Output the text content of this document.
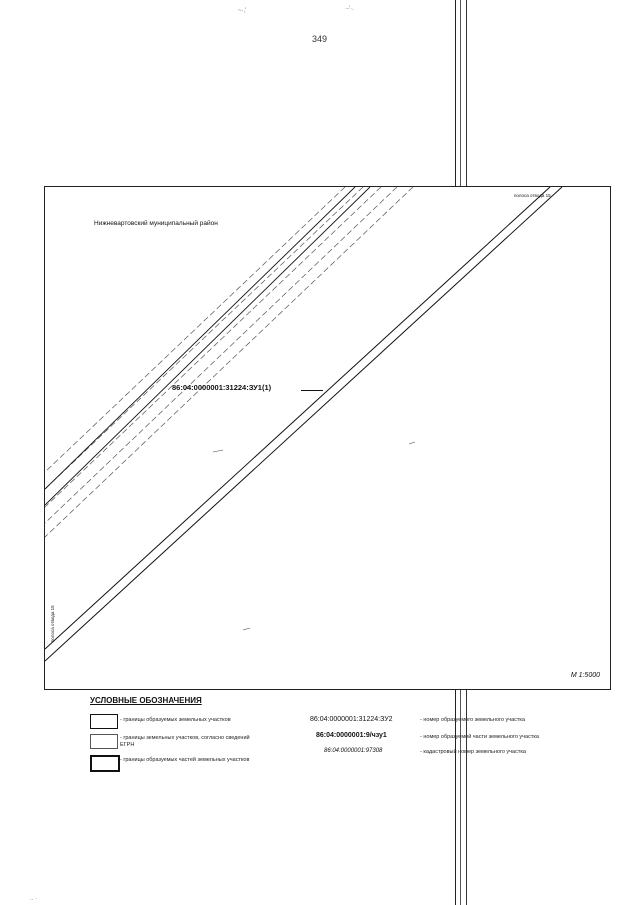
349
~·,'	·-'·.
.. ·
Нижневартовский муниципальный район
86:04:0000001:31224:ЗУ1(1)
полоса отвода 15
полоса отвода 15
M 1:5000
УСЛОВНЫЕ ОБОЗНАЧЕНИЯ
- границы образуемых земельных участков
- границы земельных участков, согласно сведений ЕГРН
- границы образуемых частей земельных участков
86:04:0000001:31224:ЗУ2	- номер образуемого земельного участка
86:04:0000001:9/чзу1	- номер образуемой части земельного участка
86:04:0000001:97308	- кадастровый номер земельного участка
